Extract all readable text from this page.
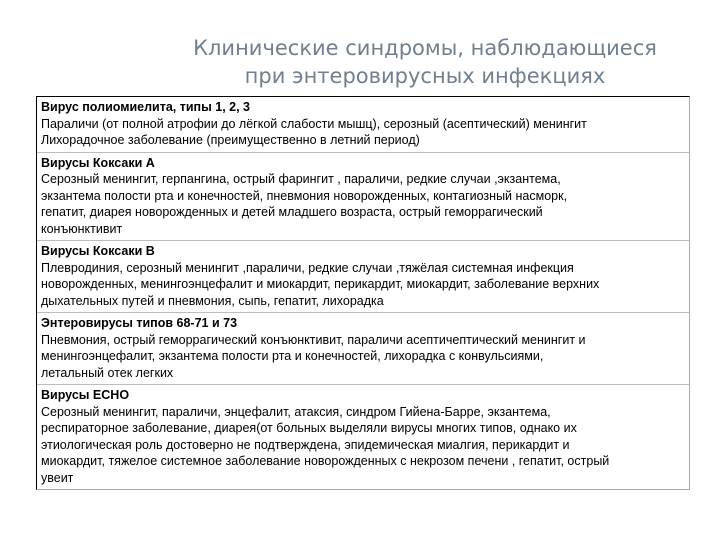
Клинические синдромы, наблюдающиеся
при энтеровирусных инфекциях
Вирус полиомиелита, типы 1, 2, 3
Параличи (от полной атрофии до лёгкой слабости мышц), серозный (асептический) менингит
Лихорадочное заболевание (преимущественно в летний период)
Вирусы Коксаки А
Серозный менингит, герпангина, острый фарингит , параличи, редкие случаи ,экзантема,
экзантема полости рта и конечностей, пневмония новорожденных, контагиозный насморк,
гепатит, диарея новорожденных и детей младшего возраста, острый геморрагический
конъюнктивит
Вирусы Коксаки В
Плевродиния, серозный менингит ,параличи, редкие случаи ,тяжёлая системная инфекция
новорожденных, менингоэнцефалит и миокардит, перикардит, миокардит, заболевание верхних
дыхательных путей и пневмония, сыпь, гепатит, лихорадка
Энтеровирусы типов 68-71 и 73
Пневмония, острый геморрагический конъюнктивит, параличи асептичептический менингит и
менингоэнцефалит, экзантема полости рта и конечностей, лихорадка с конвульсиями,
летальный отек легких
Вирусы ECHO
Серозный менингит, параличи, энцефалит, атаксия, синдром Гийена-Барре, экзантема,
респираторное заболевание, диарея(от больных выделяли вирусы многих типов, однако их
этиологическая роль достоверно не подтверждена, эпидемическая миалгия, перикардит и
миокардит, тяжелое системное заболевание новорожденных с некрозом печени , гепатит, острый
увеит
